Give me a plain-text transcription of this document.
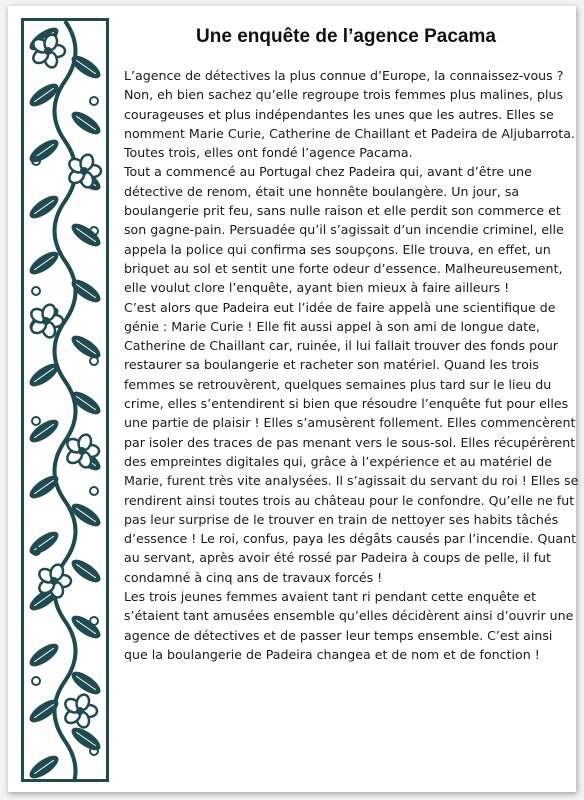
Une enquête de l’agence Pacama

L’agence de détectives la plus connue d’Europe, la connaissez-vous ? Non, eh bien sachez qu’elle regroupe trois femmes plus malines, plus courageuses et plus indépendantes les unes que les autres. Elles se nomment Marie Curie, Catherine de Chaillant et Padeira de Aljubarrota. Toutes trois, elles ont fondé l’agence Pacama.

Tout a commencé au Portugal chez Padeira qui, avant d’être une détective de renom, était une honnête boulangère. Un jour, sa boulangerie prit feu, sans nulle raison et elle perdit son commerce et son gagne-pain. Persuadée qu’il s’agissait d’un incendie criminel, elle appela la police qui confirma ses soupçons. Elle trouva, en effet, un briquet au sol et sentit une forte odeur d’essence. Malheureusement, elle voulut clore l’enquête, ayant bien mieux à faire ailleurs !

C’est alors que Padeira eut l’idée de faire appelà une scientifique de génie : Marie Curie ! Elle fit aussi appel à son ami de longue date, Catherine de Chaillant car, ruinée, il lui fallait trouver des fonds pour restaurer sa boulangerie et racheter son matériel. Quand les trois femmes se retrouvèrent, quelques semaines plus tard sur le lieu du crime, elles s’entendirent si bien que résoudre l’enquête fut pour elles une partie de plaisir ! Elles s’amusèrent follement. Elles commencèrent par isoler des traces de pas menant vers le sous-sol. Elles récupérèrent des empreintes digitales qui, grâce à l’expérience et au matériel de Marie, furent très vite analysées. Il s’agissait du servant du roi ! Elles se rendirent ainsi toutes trois au château pour le confondre. Qu’elle ne fut pas leur surprise de le trouver en train de nettoyer ses habits tâchés d’essence ! Le roi, confus, paya les dégâts causés par l’incendie. Quant au servant, après avoir été rossé par Padeira à coups de pelle, il fut condamné à cinq ans de travaux forcés !

Les trois jeunes femmes avaient tant ri pendant cette enquête et s’étaient tant amusées ensemble qu’elles décidèrent ainsi d’ouvrir une agence de détectives et de passer leur temps ensemble. C’est ainsi que la boulangerie de Padeira changea et de nom et de fonction !
